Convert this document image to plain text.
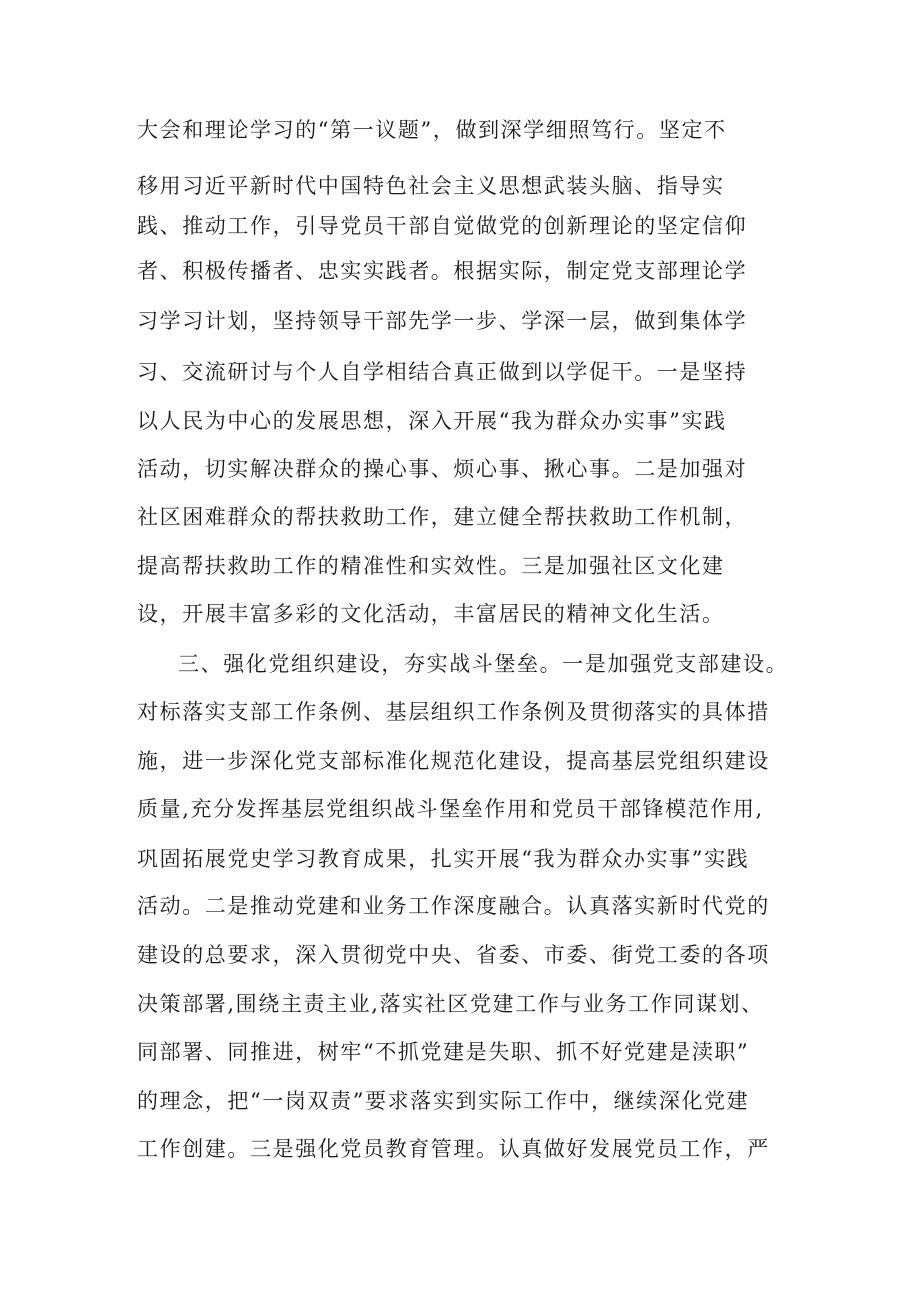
大会和理论学习的“第一议题”，做到深学细照笃行。坚定不
移用习近平新时代中国特色社会主义思想武装头脑、指导实
践、推动工作，引导党员干部自觉做党的创新理论的坚定信仰
者、积极传播者、忠实实践者。根据实际，制定党支部理论学
习学习计划，坚持领导干部先学一步、学深一层，做到集体学
习、交流研讨与个人自学相结合真正做到以学促干。一是坚持
以人民为中心的发展思想，深入开展“我为群众办实事”实践
活动，切实解决群众的操心事、烦心事、揪心事。二是加强对
社区困难群众的帮扶救助工作，建立健全帮扶救助工作机制，
提高帮扶救助工作的精准性和实效性。三是加强社区文化建
设，开展丰富多彩的文化活动，丰富居民的精神文化生活。
三、强化党组织建设，夯实战斗堡垒。一是加强党支部建设。
对标落实支部工作条例、基层组织工作条例及贯彻落实的具体措
施，进一步深化党支部标准化规范化建设，提高基层党组织建设
质量,充分发挥基层党组织战斗堡垒作用和党员干部锋模范作用,
巩固拓展党史学习教育成果，扎实开展“我为群众办实事”实践
活动。二是推动党建和业务工作深度融合。认真落实新时代党的
建设的总要求，深入贯彻党中央、省委、市委、街党工委的各项
决策部署,围绕主责主业,落实社区党建工作与业务工作同谋划、
同部署、同推进，树牢“不抓党建是失职、抓不好党建是渎职”
的理念，把“一岗双责”要求落实到实际工作中，继续深化党建
工作创建。三是强化党员教育管理。认真做好发展党员工作，严
